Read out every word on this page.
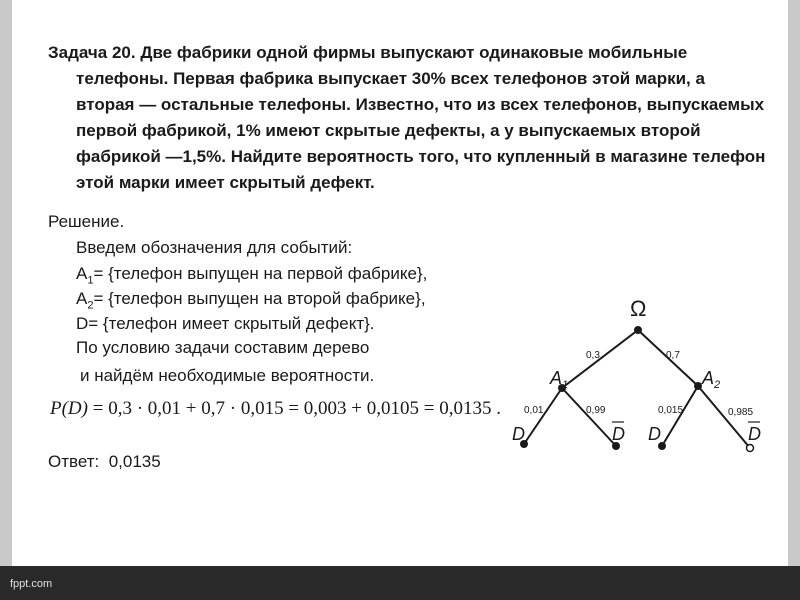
Задача 20. Две фабрики одной фирмы выпускают одинаковые мобильные телефоны. Первая фабрика выпускает 30% всех телефонов этой марки, а вторая — остальные телефоны. Известно, что из всех телефонов, выпускаемых первой фабрикой, 1% имеют скрытые дефекты, а у выпускаемых второй фабрикой —1,5%. Найдите вероятность того, что купленный в магазине телефон этой марки имеет скрытый дефект.

Решение.
Введем обозначения для событий:
$A_1=$ {телефон выпущен на первой фабрике},
$A_2=$ {телефон выпущен на второй фабрике},
D= {телефон имеет скрытый дефект}.
По условию задачи составим дерево
и найдём необходимые вероятности.
P(D) = 0,3 · 0,01 + 0,7 · 0,015 = 0,003 + 0,0105 = 0,0135 .
Ответ: 0,0135
Ω
0,3	0,7
$A_1$	$A_2$
0,01	0,99	0,015	0,985
D	D D	D
fppt.com
